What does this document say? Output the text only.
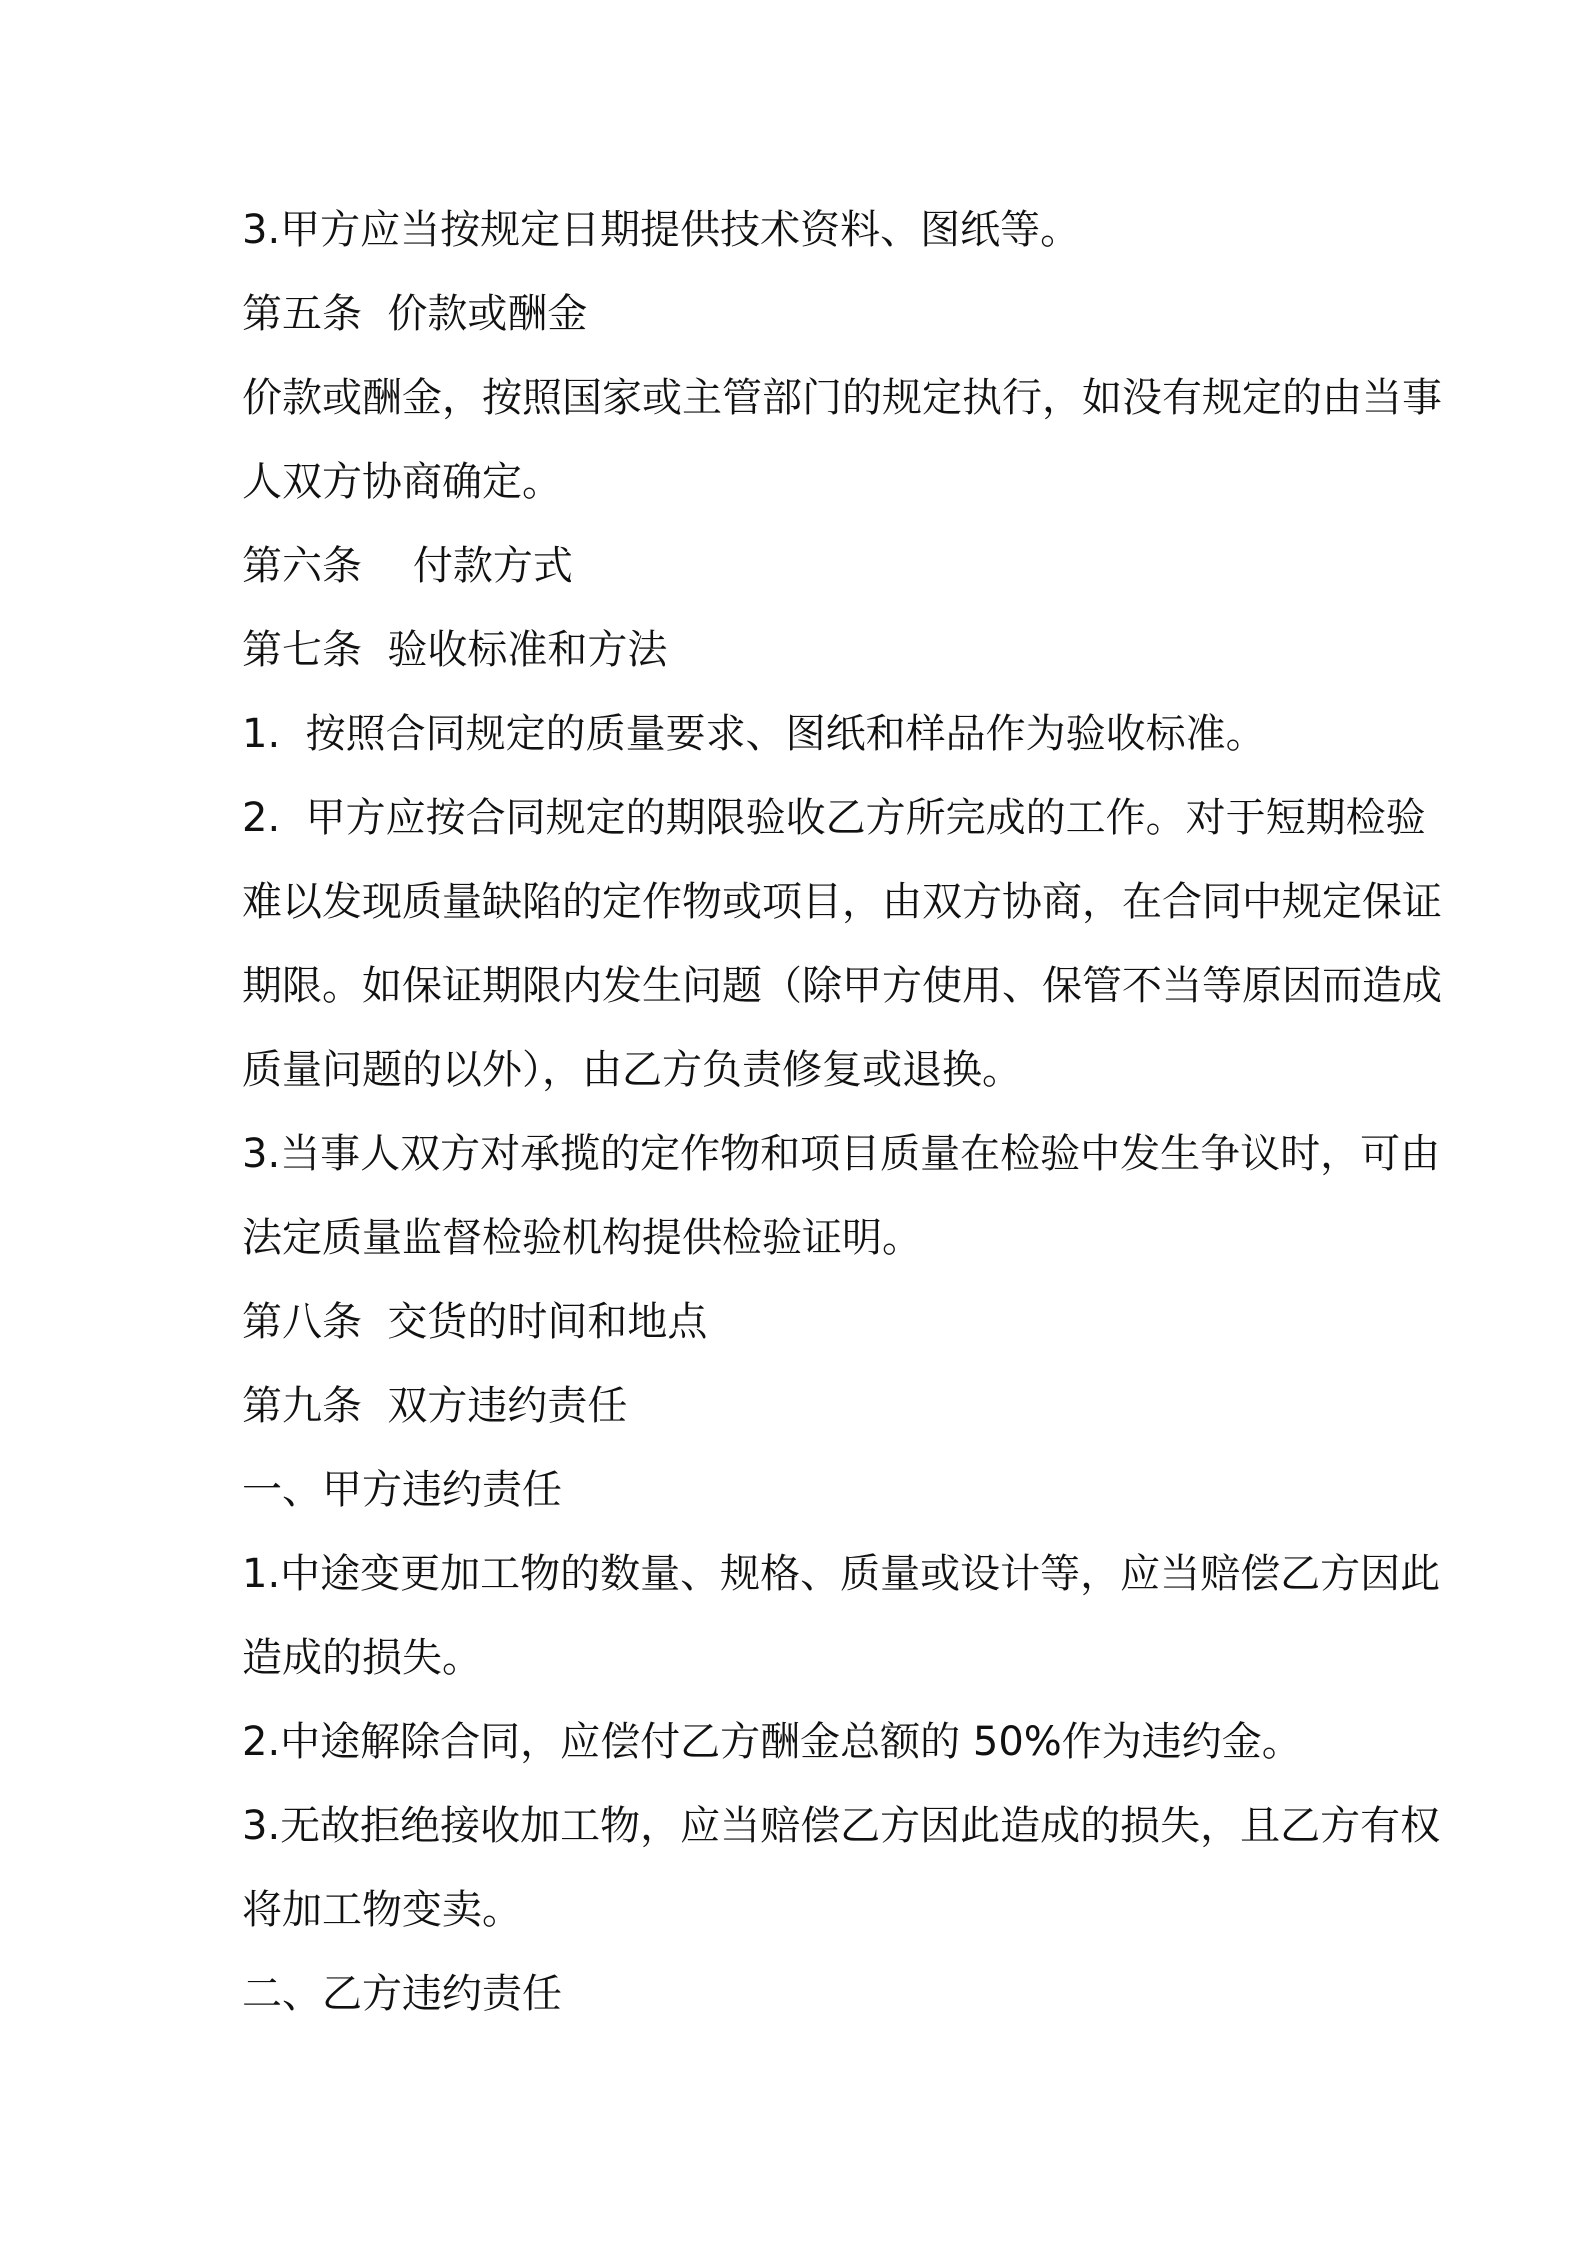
3.甲方应当按规定日期提供技术资料、图纸等。
第五条  价款或酬金
价款或酬金，按照国家或主管部门的规定执行，如没有规定的由当事
人双方协商确定。
第六条    付款方式
第七条  验收标准和方法
1.  按照合同规定的质量要求、图纸和样品作为验收标准。
2.  甲方应按合同规定的期限验收乙方所完成的工作。对于短期检验
难以发现质量缺陷的定作物或项目，由双方协商，在合同中规定保证
期限。如保证期限内发生问题（除甲方使用、保管不当等原因而造成
质量问题的以外），由乙方负责修复或退换。
3.当事人双方对承揽的定作物和项目质量在检验中发生争议时，可由
法定质量监督检验机构提供检验证明。
第八条  交货的时间和地点
第九条  双方违约责任
一、甲方违约责任
1.中途变更加工物的数量、规格、质量或设计等，应当赔偿乙方因此
造成的损失。
2.中途解除合同，应偿付乙方酬金总额的 50%作为违约金。
3.无故拒绝接收加工物，应当赔偿乙方因此造成的损失，且乙方有权
将加工物变卖。
二、乙方违约责任
